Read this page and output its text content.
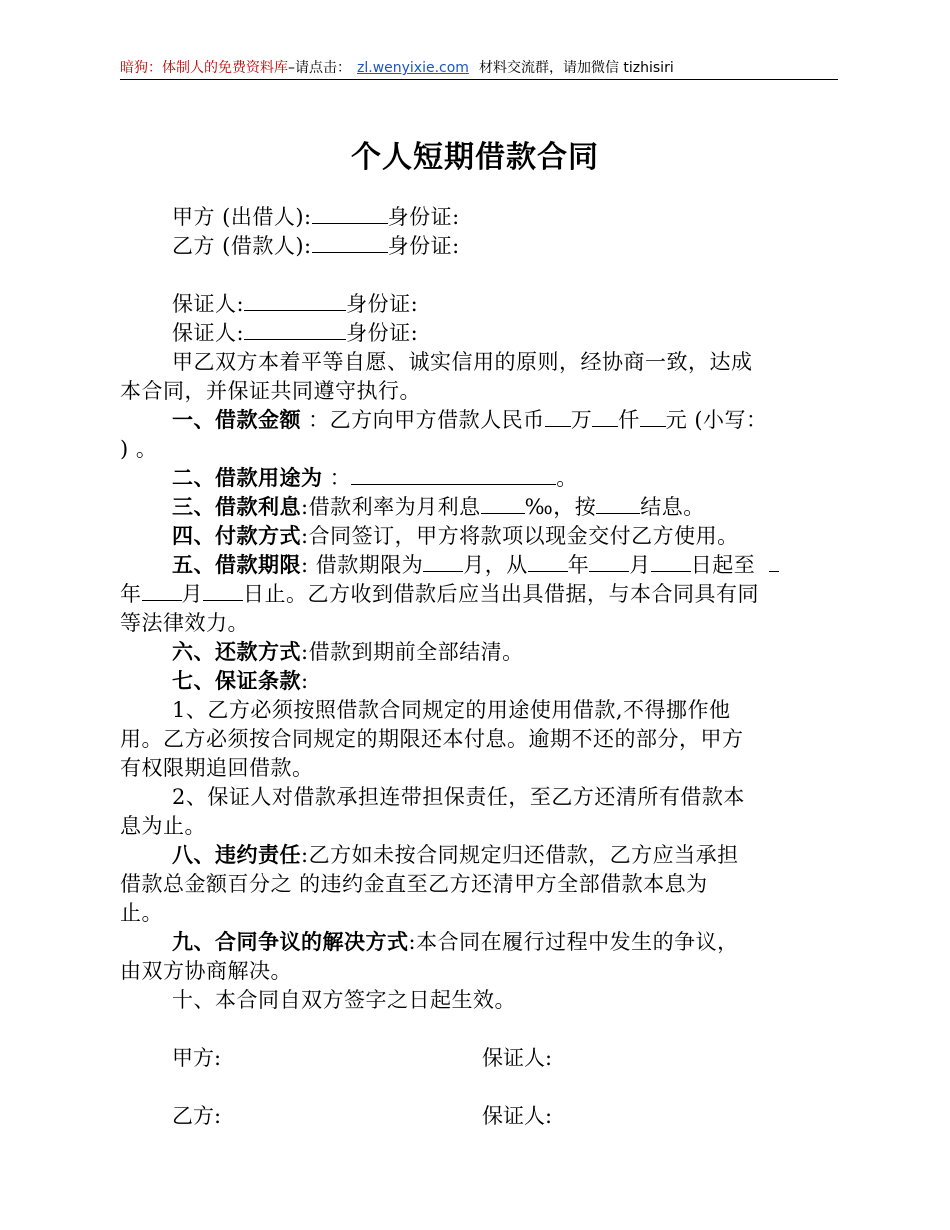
暗狗：体制人的免费资料库–请点击： zl.wenyixie.com 材料交流群，请加微信 tizhisiri
个人短期借款合同
甲方 (出借人):	身份证:
乙方 (借款人):	身份证:
保证人:	身份证:
保证人:	身份证:
甲乙双方本着平等自愿、诚实信用的原则，经协商一致，达成
本合同，并保证共同遵守执行。
一、借款金额 ：乙方向甲方借款人民币 万 仟 元 (小写：
) 。
二、借款用途为 ：	。
三、借款利息:借款利率为月利息 ‰，按 结息。
四、付款方式:合同签订，甲方将款项以现金交付乙方使用。
五、借款期限: 借款期限为 月，从 年 月 日起至
年 月 日止。乙方收到借款后应当出具借据，与本合同具有同
等法律效力。
六、还款方式:借款到期前全部结清。
七、保证条款:
1、乙方必须按照借款合同规定的用途使用借款,不得挪作他
用。乙方必须按合同规定的期限还本付息。逾期不还的部分，甲方
有权限期追回借款。
2、保证人对借款承担连带担保责任，至乙方还清所有借款本
息为止。
八、违约责任:乙方如未按合同规定归还借款，乙方应当承担
借款总金额百分之 的违约金直至乙方还清甲方全部借款本息为
止。
九、合同争议的解决方式:本合同在履行过程中发生的争议，
由双方协商解决。
十、本合同自双方签字之日起生效。
甲方:	保证人:
乙方:	保证人:
